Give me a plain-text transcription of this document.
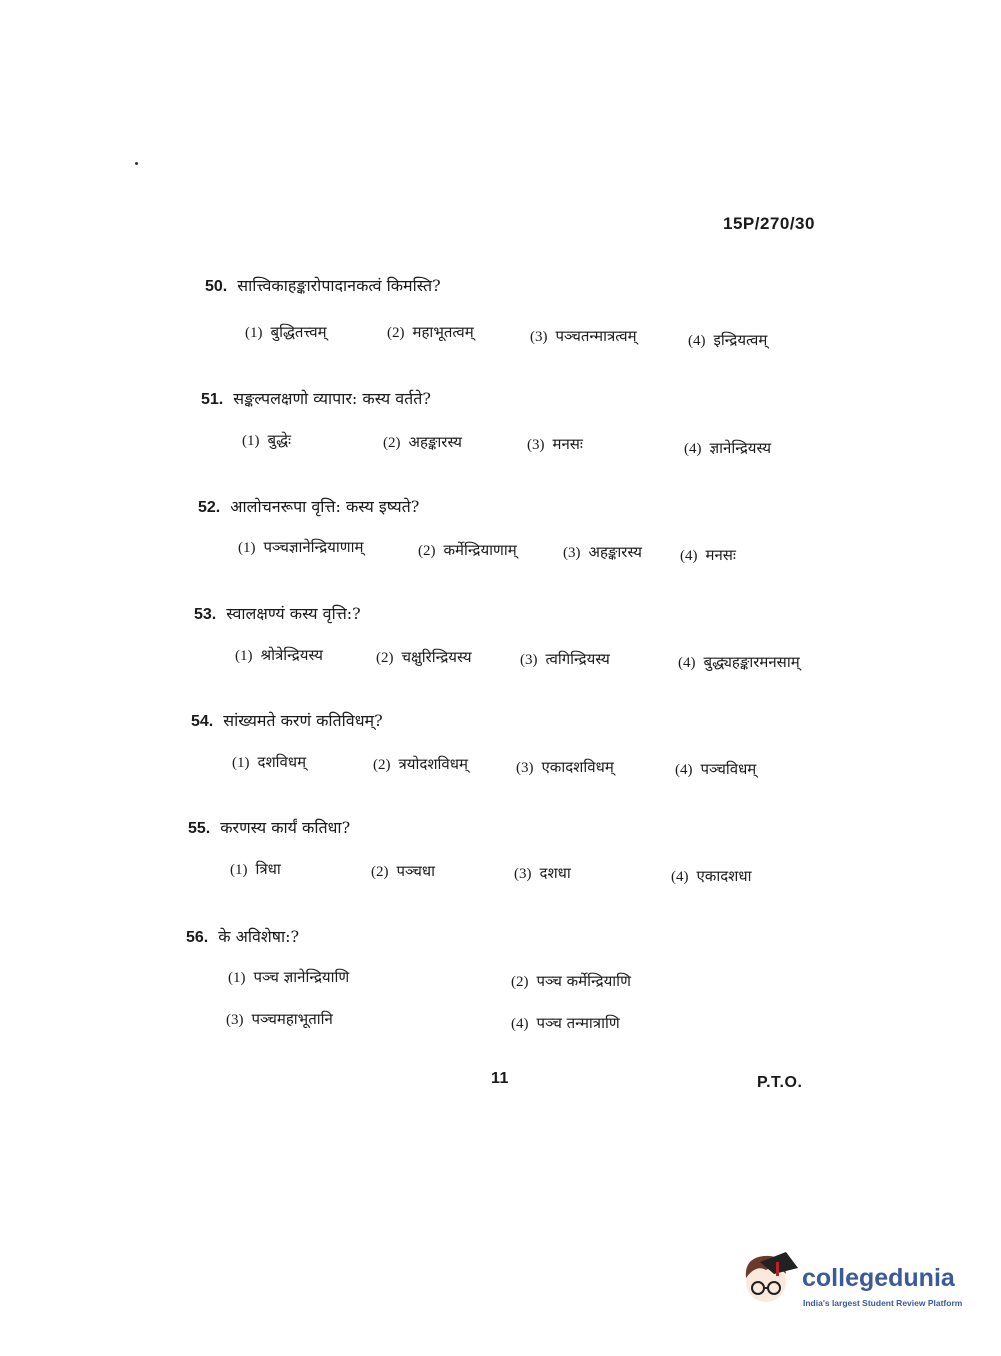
15P/270/30
50. सात्त्विकाहङ्कारोपादानकत्वं किमस्ति?
(1) बुद्धितत्त्वम्	(2) महाभूतत्वम्	(3) पञ्चतन्मात्रत्वम्	(4) इन्द्रियत्वम्
51. सङ्कल्पलक्षणो व्यापार: कस्य वर्तते?
(1) बुद्धेः	(2) अहङ्कारस्य	(3) मनसः	(4) ज्ञानेन्द्रियस्य
52. आलोचनरूपा वृत्ति: कस्य इष्यते?
(1) पञ्चज्ञानेन्द्रियाणाम्	(2) कर्मेन्द्रियाणाम्	(3) अहङ्कारस्य	(4) मनसः
53. स्वालक्षण्यं कस्य वृत्ति:?
(1) श्रोत्रेन्द्रियस्य	(2) चक्षुरिन्द्रियस्य	(3) त्वगिन्द्रियस्य	(4) बुद्ध्यहङ्कारमनसाम्
54. सांख्यमते करणं कतिविधम्?
(1) दशविधम्	(2) त्रयोदशविधम्	(3) एकादशविधम्	(4) पञ्चविधम्
55. करणस्य कार्यं कतिधा?
(1) त्रिधा	(2) पञ्चधा	(3) दशधा	(4) एकादशधा
56. के अविशेषा:?
(1) पञ्च ज्ञानेन्द्रियाणि	(2) पञ्च कर्मेन्द्रियाणि
(3) पञ्चमहाभूतानि	(4) पञ्च तन्मात्राणि
11	P.T.O.
collegedunia
India's largest Student Review Platform
